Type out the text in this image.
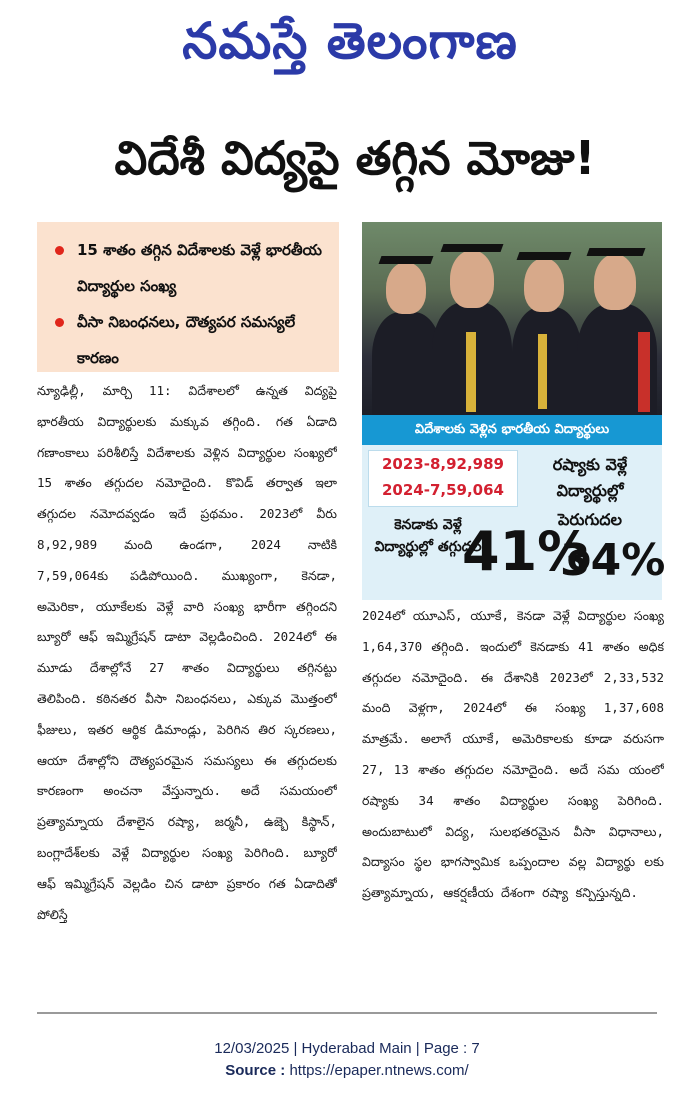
నమస్తే తెలంగాణ
విదేశీ విద్యపై తగ్గిన మోజు!
15 శాతం తగ్గిన విదేశాలకు వెళ్లే భారతీయ విద్యార్థుల సంఖ్య
వీసా నిబంధనలు, దౌత్యపర సమస్యలే కారణం
విదేశాలకు వెళ్లిన భారతీయ విద్యార్థులు
2023-8,92,989
2024-7,59,064
రష్యాకు వెళ్లే విద్యార్థుల్లో
పెరుగుదల
34%
కెనడాకు వెళ్లే విద్యార్థుల్లో తగ్గుదల
41%
న్యూఢిల్లీ, మార్చి 11: విదేశాలలో ఉన్నత విద్యపై భారతీయ విద్యార్థులకు మక్కువ తగ్గింది. గత ఏడాది గణాంకాలు పరిశీలిస్తే విదేశాలకు వెళ్లిన విద్యార్థుల సంఖ్యలో 15 శాతం తగ్గుదల నమోదైంది. కొవిడ్ తర్వాత ఇలా తగ్గుదల నమోదవ్వడం ఇదే ప్రథమం. 2023లో వీరు 8,92,989 మంది ఉండగా, 2024 నాటికి 7,59,064కు పడిపోయింది. ముఖ్యంగా, కెనడా, అమెరికా, యూకేలకు వెళ్లే వారి సంఖ్య భారీగా తగ్గిందని బ్యూరో ఆఫ్ ఇమ్మిగ్రేషన్ డాటా వెల్లడించింది. 2024లో ఈ మూడు దేశాల్లోనే 27 శాతం విద్యార్థులు తగ్గినట్టు తెలిపింది. కఠినతర వీసా నిబంధనలు, ఎక్కువ మొత్తంలో ఫీజులు, ఇతర ఆర్థిక డిమాండ్లు, పెరిగిన తిర స్కరణలు, ఆయా దేశాల్లోని దౌత్యపరమైన సమస్యలు ఈ తగ్గుదలకు కారణంగా అంచనా వేస్తున్నారు. అదే సమయంలో ప్రత్యామ్నాయ దేశాలైన రష్యా, జర్మనీ, ఉజ్బె కిస్థాన్, బంగ్లాదేశ్‌లకు వెళ్లే విద్యార్థుల సంఖ్య పెరిగింది. బ్యూరో ఆఫ్ ఇమ్మిగ్రేషన్ వెల్లడిం చిన డాటా ప్రకారం గత ఏడాదితో పోలిస్తే
2024లో యూఎస్, యూకే, కెనడా వెళ్లే విద్యార్థుల సంఖ్య 1,64,370 తగ్గింది. ఇందులో కెనడాకు 41 శాతం అధిక తగ్గుదల నమోదైంది. ఈ దేశానికి 2023లో 2,33,532 మంది వెళ్లగా, 2024లో ఈ సంఖ్య 1,37,608 మాత్రమే. అలాగే యూకే, అమెరికాలకు కూడా వరుసగా 27, 13 శాతం తగ్గుదల నమోదైంది. అదే సమ యంలో రష్యాకు 34 శాతం విద్యార్థుల సంఖ్య పెరిగింది. అందుబాటులో విద్య, సులభతరమైన వీసా విధానాలు, విద్యాసం స్థల భాగస్వామిక ఒప్పందాల వల్ల విద్యార్థు లకు ప్రత్యామ్నాయ, ఆకర్షణీయ దేశంగా రష్యా కన్పిస్తున్నది.
12/03/2025 | Hyderabad Main | Page : 7
Source : https://epaper.ntnews.com/
